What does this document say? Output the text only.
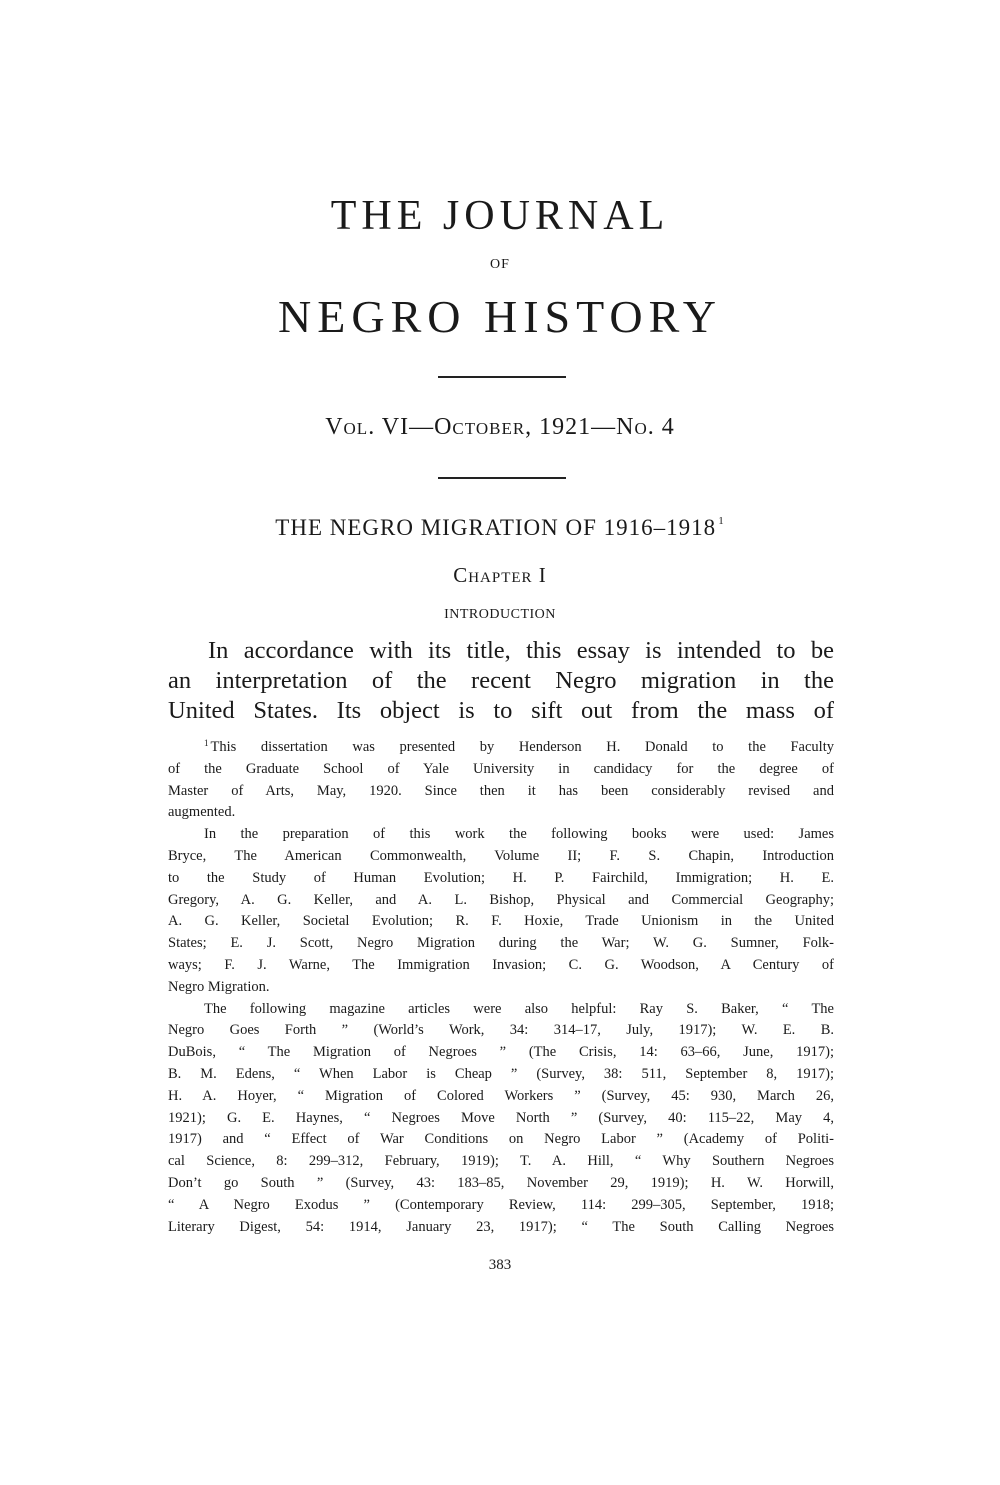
THE JOURNAL
OF
NEGRO HISTORY
Vol. VI—October, 1921—No. 4
THE NEGRO MIGRATION OF 1916–1918 $^1$
Chapter I
INTRODUCTION
In accordance with its title, this essay is intended to be
an interpretation of the recent Negro migration in the
United States. Its object is to sift out from the mass of
$^1$ This dissertation was presented by Henderson H. Donald to the Faculty
of the Graduate School of Yale University in candidacy for the degree of
Master of Arts, May, 1920. Since then it has been considerably revised and
augmented.
In the preparation of this work the following books were used: James
Bryce, The American Commonwealth, Volume II; F. S. Chapin, Introduction
to the Study of Human Evolution; H. P. Fairchild, Immigration; H. E.
Gregory, A. G. Keller, and A. L. Bishop, Physical and Commercial Geography;
A. G. Keller, Societal Evolution; R. F. Hoxie, Trade Unionism in the United
States; E. J. Scott, Negro Migration during the War; W. G. Sumner, Folk-
ways; F. J. Warne, The Immigration Invasion; C. G. Woodson, A Century of
Negro Migration.
The following magazine articles were also helpful: Ray S. Baker, “ The
Negro Goes Forth ” (World’s Work, 34: 314–17, July, 1917); W. E. B.
DuBois, “ The Migration of Negroes ” (The Crisis, 14: 63–66, June, 1917);
B. M. Edens, “ When Labor is Cheap ” (Survey, 38: 511, September 8, 1917);
H. A. Hoyer, “ Migration of Colored Workers ” (Survey, 45: 930, March 26,
1921); G. E. Haynes, “ Negroes Move North ” (Survey, 40: 115–22, May 4,
1917) and “ Effect of War Conditions on Negro Labor ” (Academy of Politi-
cal Science, 8: 299–312, February, 1919); T. A. Hill, “ Why Southern Negroes
Don’t go South ” (Survey, 43: 183–85, November 29, 1919); H. W. Horwill,
“ A Negro Exodus ” (Contemporary Review, 114: 299–305, September, 1918;
Literary Digest, 54: 1914, January 23, 1917); “ The South Calling Negroes
383
